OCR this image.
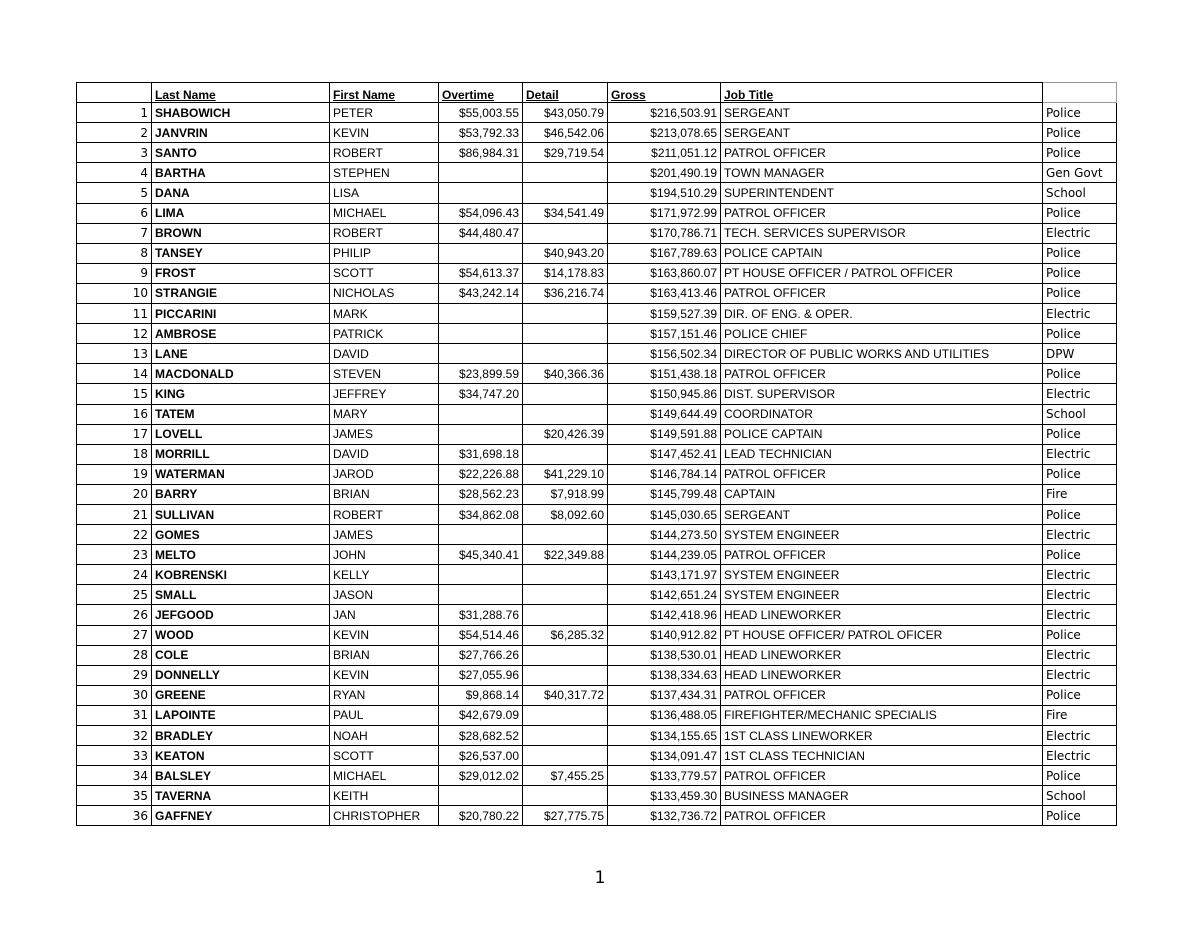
	Last Name	First Name	Overtime	Detail	Gross	Job Title	
1	SHABOWICH	PETER	$55,003.55	$43,050.79	$216,503.91	SERGEANT	Police
2	JANVRIN	KEVIN	$53,792.33	$46,542.06	$213,078.65	SERGEANT	Police
3	SANTO	ROBERT	$86,984.31	$29,719.54	$211,051.12	PATROL OFFICER	Police
4	BARTHA	STEPHEN			$201,490.19	TOWN MANAGER	Gen Govt
5	DANA	LISA			$194,510.29	SUPERINTENDENT	School
6	LIMA	MICHAEL	$54,096.43	$34,541.49	$171,972.99	PATROL OFFICER	Police
7	BROWN	ROBERT	$44,480.47		$170,786.71	TECH. SERVICES SUPERVISOR	Electric
8	TANSEY	PHILIP		$40,943.20	$167,789.63	POLICE CAPTAIN	Police
9	FROST	SCOTT	$54,613.37	$14,178.83	$163,860.07	PT HOUSE OFFICER / PATROL OFFICER	Police
10	STRANGIE	NICHOLAS	$43,242.14	$36,216.74	$163,413.46	PATROL OFFICER	Police
11	PICCARINI	MARK			$159,527.39	DIR. OF ENG. & OPER.	Electric
12	AMBROSE	PATRICK			$157,151.46	POLICE CHIEF	Police
13	LANE	DAVID			$156,502.34	DIRECTOR OF PUBLIC WORKS AND UTILITIES	DPW
14	MACDONALD	STEVEN	$23,899.59	$40,366.36	$151,438.18	PATROL OFFICER	Police
15	KING	JEFFREY	$34,747.20		$150,945.86	DIST. SUPERVISOR	Electric
16	TATEM	MARY			$149,644.49	COORDINATOR	School
17	LOVELL	JAMES		$20,426.39	$149,591.88	POLICE CAPTAIN	Police
18	MORRILL	DAVID	$31,698.18		$147,452.41	LEAD TECHNICIAN	Electric
19	WATERMAN	JAROD	$22,226.88	$41,229.10	$146,784.14	PATROL OFFICER	Police
20	BARRY	BRIAN	$28,562.23	$7,918.99	$145,799.48	CAPTAIN	Fire
21	SULLIVAN	ROBERT	$34,862.08	$8,092.60	$145,030.65	SERGEANT	Police
22	GOMES	JAMES			$144,273.50	SYSTEM ENGINEER	Electric
23	MELTO	JOHN	$45,340.41	$22,349.88	$144,239.05	PATROL OFFICER	Police
24	KOBRENSKI	KELLY			$143,171.97	SYSTEM ENGINEER	Electric
25	SMALL	JASON			$142,651.24	SYSTEM ENGINEER	Electric
26	JEFGOOD	JAN	$31,288.76		$142,418.96	HEAD LINEWORKER	Electric
27	WOOD	KEVIN	$54,514.46	$6,285.32	$140,912.82	PT HOUSE OFFICER/ PATROL OFICER	Police
28	COLE	BRIAN	$27,766.26		$138,530.01	HEAD LINEWORKER	Electric
29	DONNELLY	KEVIN	$27,055.96		$138,334.63	HEAD LINEWORKER	Electric
30	GREENE	RYAN	$9,868.14	$40,317.72	$137,434.31	PATROL OFFICER	Police
31	LAPOINTE	PAUL	$42,679.09		$136,488.05	FIREFIGHTER/MECHANIC SPECIALIS	Fire
32	BRADLEY	NOAH	$28,682.52		$134,155.65	1ST CLASS LINEWORKER	Electric
33	KEATON	SCOTT	$26,537.00		$134,091.47	1ST CLASS TECHNICIAN	Electric
34	BALSLEY	MICHAEL	$29,012.02	$7,455.25	$133,779.57	PATROL OFFICER	Police
35	TAVERNA	KEITH			$133,459.30	BUSINESS MANAGER	School
36	GAFFNEY	CHRISTOPHER	$20,780.22	$27,775.75	$132,736.72	PATROL OFFICER	Police
1
